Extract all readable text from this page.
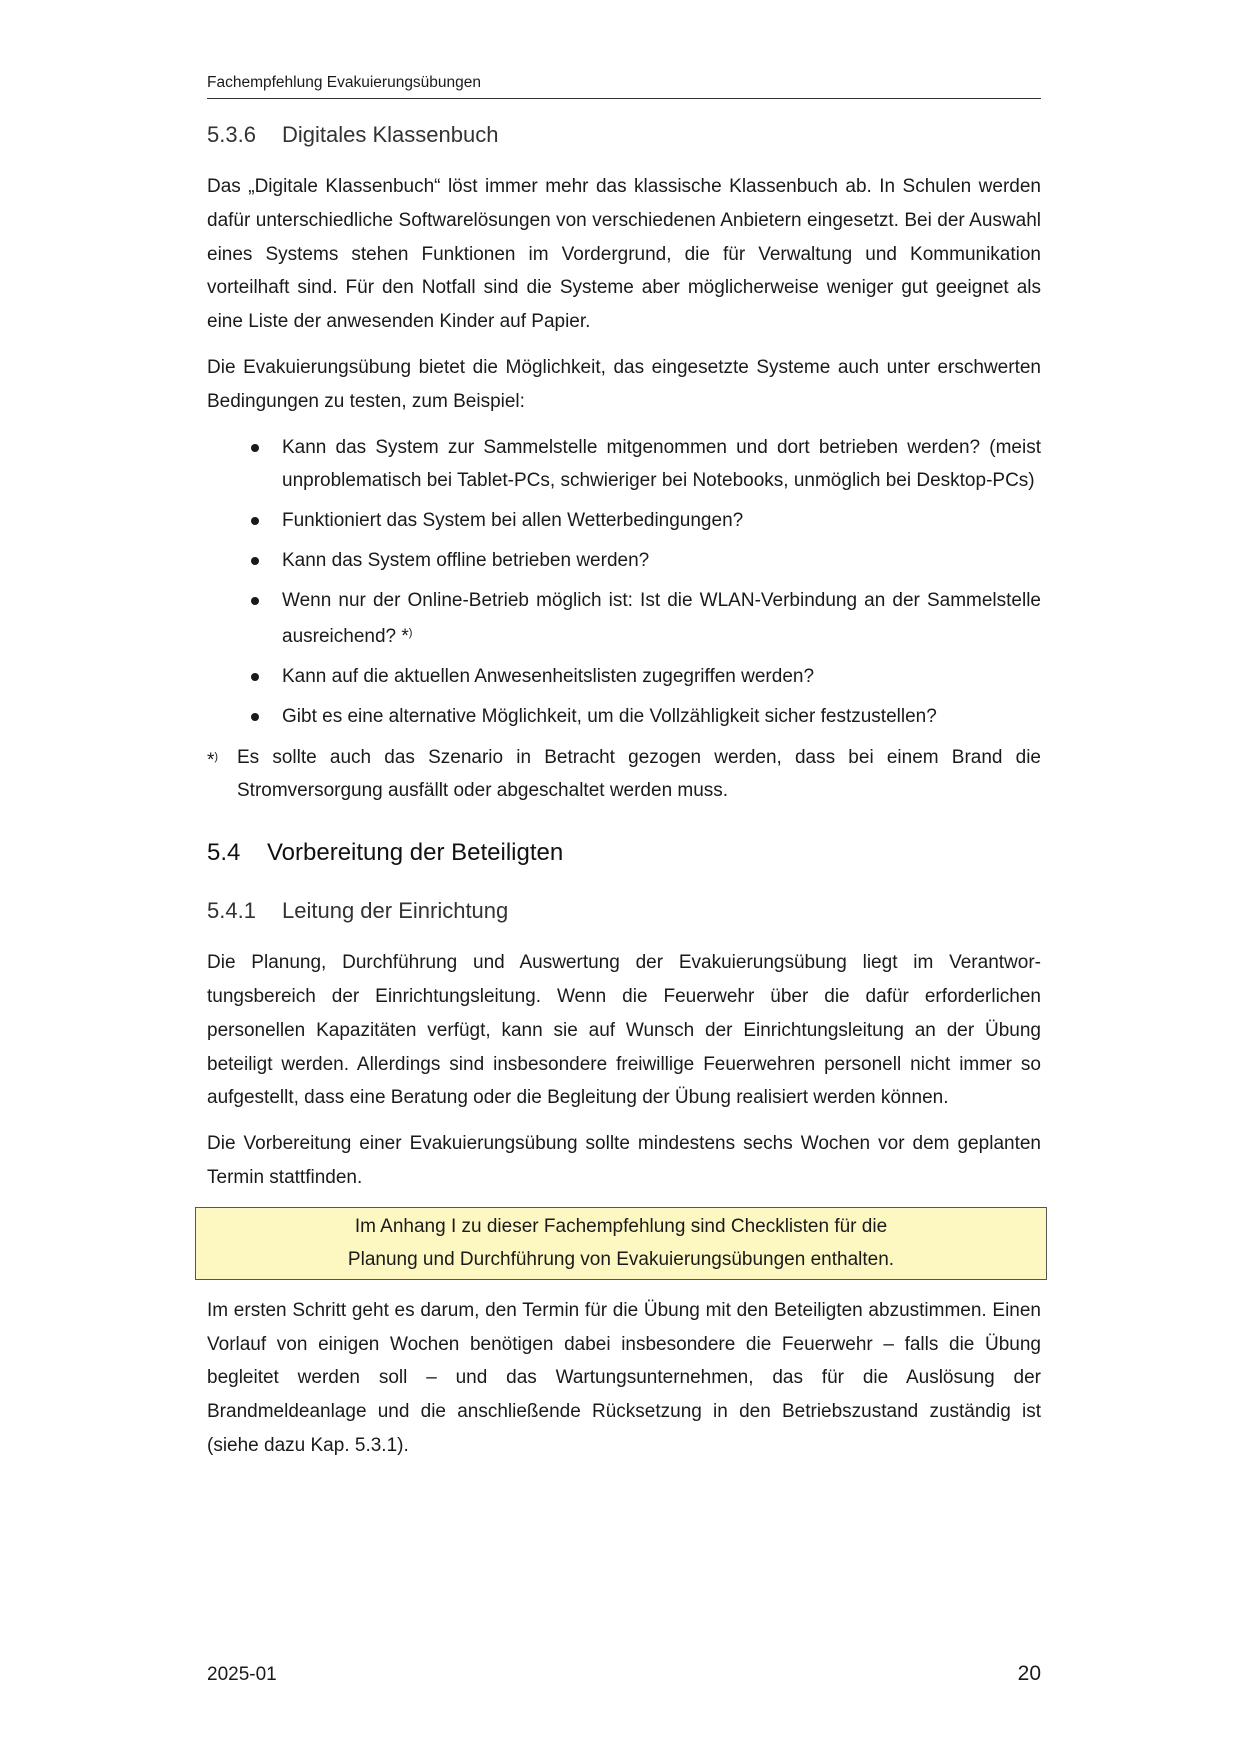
Fachempfehlung Evakuierungsübungen
5.3.6	Digitales Klassenbuch

Das „Digitale Klassenbuch“ löst immer mehr das klassische Klassenbuch ab. In Schulen werden dafür unterschiedliche Softwarelösungen von verschiedenen Anbietern eingesetzt. Bei der Auswahl eines Systems stehen Funktionen im Vordergrund, die für Verwaltung und Kommunikation vorteilhaft sind. Für den Notfall sind die Systeme aber möglicherweise weniger gut geeignet als eine Liste der anwesenden Kinder auf Papier.

Die Evakuierungsübung bietet die Möglichkeit, das eingesetzte Systeme auch unter erschwerten Bedingungen zu testen, zum Beispiel:

Kann das System zur Sammelstelle mitgenommen und dort betrieben werden? (meist unproblematisch bei Tablet-PCs, schwieriger bei Notebooks, unmöglich bei Desktop-PCs)
Funktioniert das System bei allen Wetterbedingungen?
Kann das System offline betrieben werden?
Wenn nur der Online-Betrieb möglich ist: Ist die WLAN-Verbindung an der Sammelstelle ausreichend? *)
Kann auf die aktuellen Anwesenheitslisten zugegriffen werden?
Gibt es eine alternative Möglichkeit, um die Vollzähligkeit sicher festzustellen?
*) Es sollte auch das Szenario in Betracht gezogen werden, dass bei einem Brand die Stromversorgung ausfällt oder abgeschaltet werden muss.
5.4	Vorbereitung der Beteiligten
5.4.1	Leitung der Einrichtung

Die Planung, Durchführung und Auswertung der Evakuierungsübung liegt im Verantwortungsbereich der Einrichtungsleitung. Wenn die Feuerwehr über die dafür erforderlichen personellen Kapazitäten verfügt, kann sie auf Wunsch der Einrichtungsleitung an der Übung beteiligt werden. Allerdings sind insbesondere freiwillige Feuerwehren personell nicht immer so aufgestellt, dass eine Beratung oder die Begleitung der Übung realisiert werden können.

Die Vorbereitung einer Evakuierungsübung sollte mindestens sechs Wochen vor dem geplanten Termin stattfinden.

Im Anhang I zu dieser Fachempfehlung sind Checklisten für die
Planung und Durchführung von Evakuierungsübungen enthalten.

Im ersten Schritt geht es darum, den Termin für die Übung mit den Beteiligten abzustimmen. Einen Vorlauf von einigen Wochen benötigen dabei insbesondere die Feuerwehr – falls die Übung begleitet werden soll – und das Wartungsunternehmen, das für die Auslösung der Brandmeldeanlage und die anschließende Rücksetzung in den Betriebszustand zuständig ist (siehe dazu Kap. 5.3.1).

2025-01	20
